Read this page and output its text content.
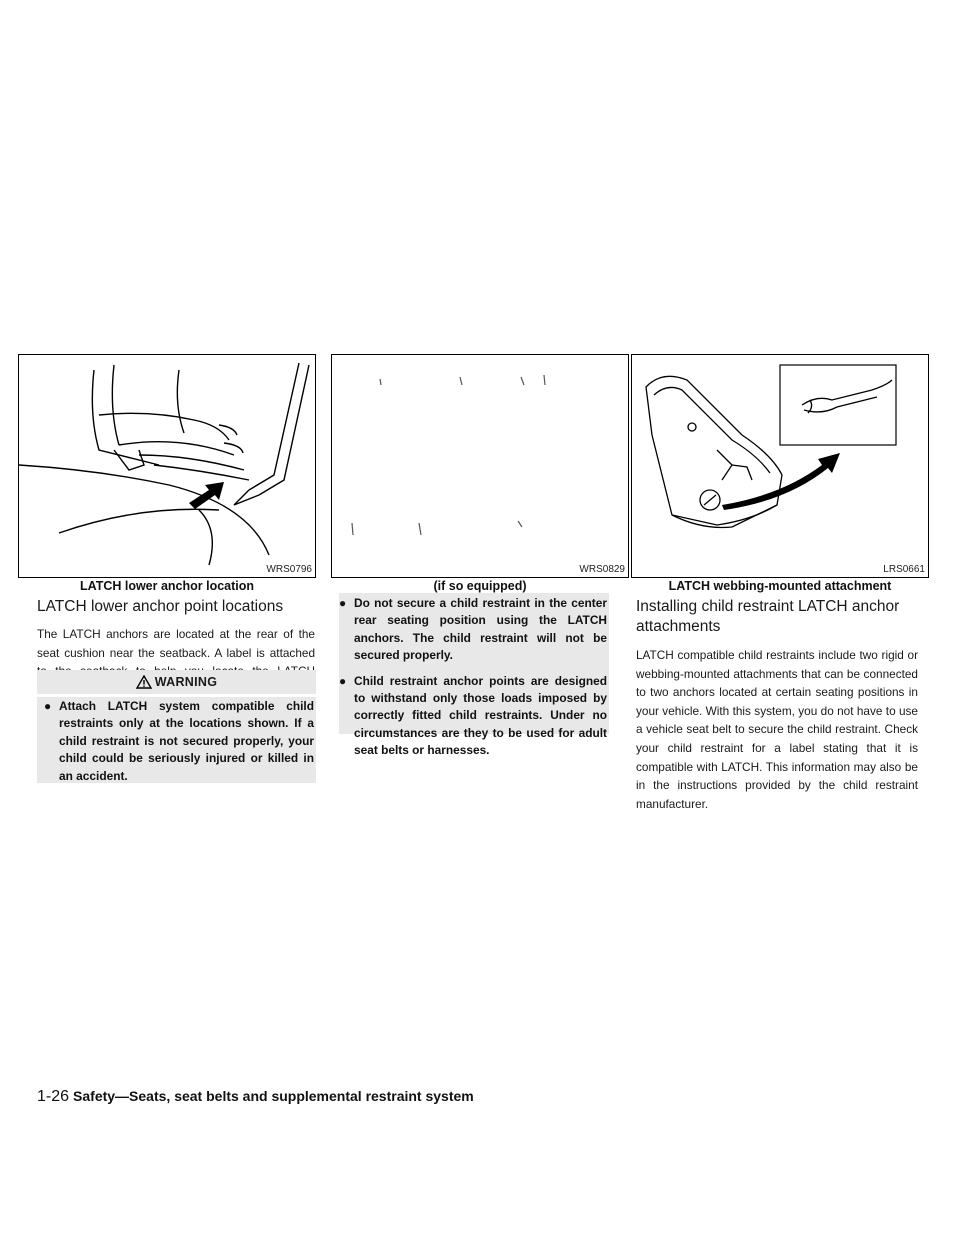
WRS0796
LATCH lower anchor location
WRS0829
(if so equipped)
LRS0661
LATCH webbing-mounted attachment
LATCH lower anchor point locations

The LATCH anchors are located at the rear of the seat cushion near the seatback. A label is attached

WARNING
● Attach LATCH system compatible child restraints only at the locations shown. If a child restraint is not secured properly, your child could be seriously injured or killed in an accident.
● Do not secure a child restraint in the center rear seating position using the LATCH anchors. The child restraint will not be secured properly.
● Child restraint anchor points are designed to withstand only those loads imposed by correctly fitted child restraints. Under no circumstances are they to be used for adult seat belts or harnesses.
Installing child restraint LATCH anchor attachments

LATCH compatible child restraints include two rigid or webbing-mounted attachments that can be connected to two anchors located at certain seating positions in your vehicle. With this system, you do not have to use a vehicle seat belt to secure the child restraint. Check your child restraint for a label stating that it is compatible with LATCH. This information may also be in the instructions provided by the child restraint manufacturer.

1-26 Safety—Seats, seat belts and supplemental restraint system
